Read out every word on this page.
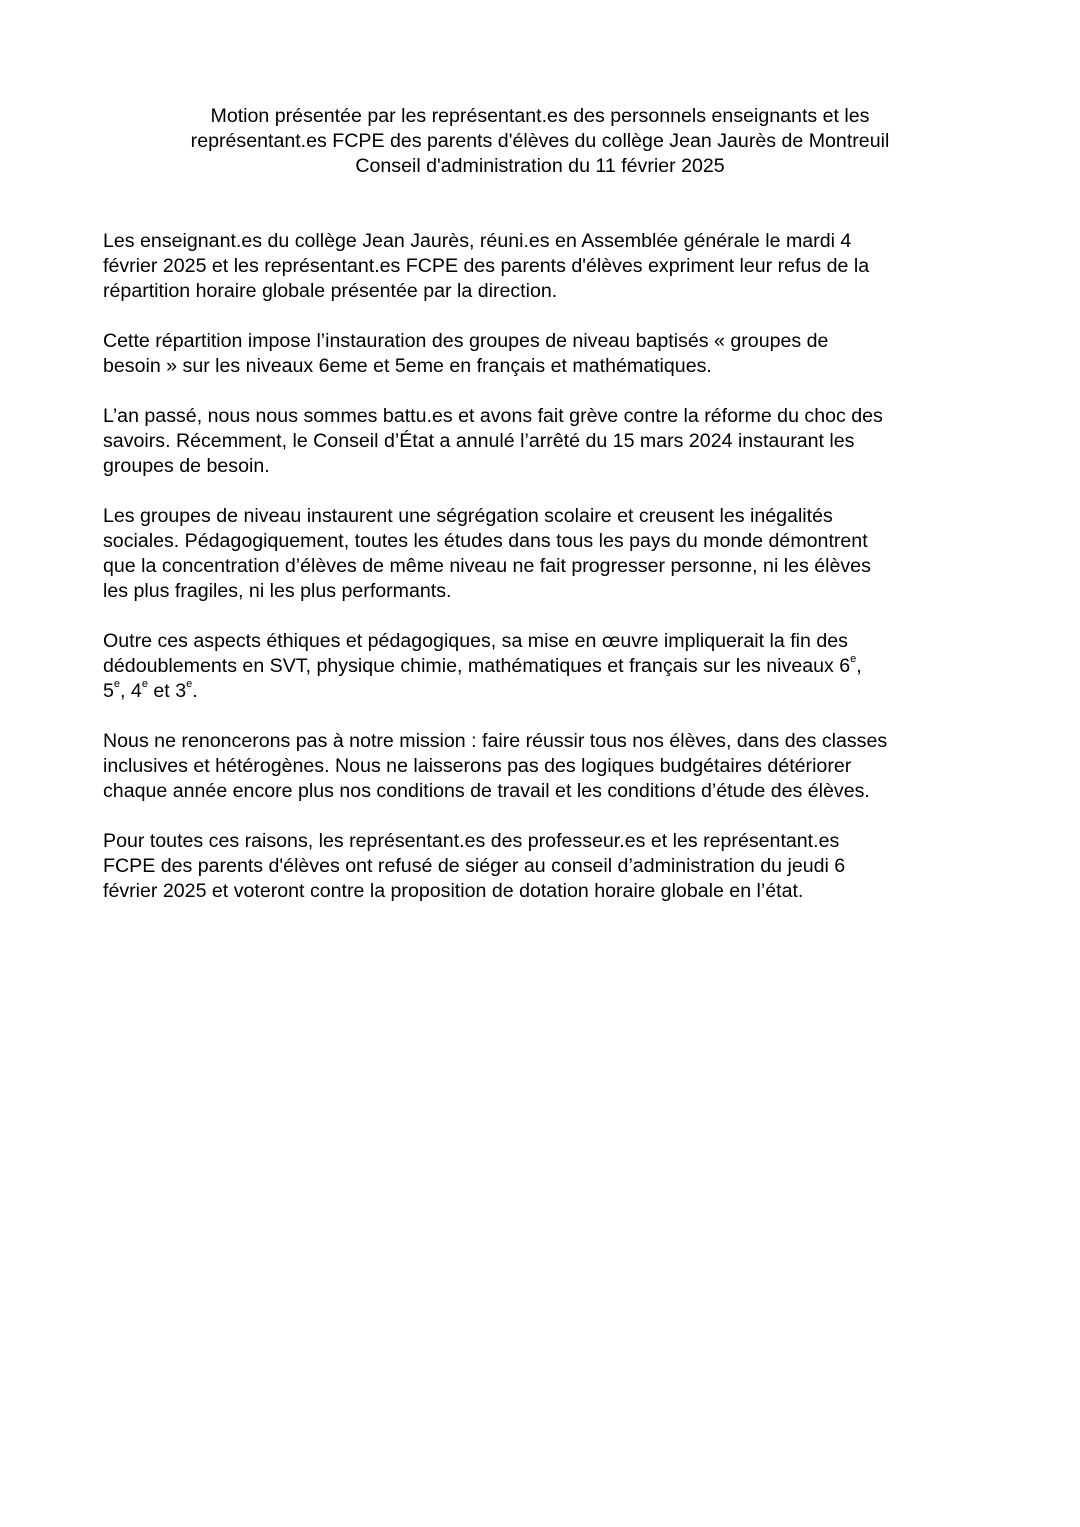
Motion présentée par les représentant.es des personnels enseignants et les
représentant.es FCPE des parents d'élèves du collège Jean Jaurès de Montreuil
Conseil d'administration du 11 février 2025
Les enseignant.es du collège Jean Jaurès, réuni.es en Assemblée générale le mardi 4
février 2025 et les représentant.es FCPE des parents d'élèves expriment leur refus de la
répartition horaire globale présentée par la direction.
Cette répartition impose l’instauration des groupes de niveau baptisés « groupes de
besoin » sur les niveaux 6eme et 5eme en français et mathématiques.
L’an passé, nous nous sommes battu.es et avons fait grève contre la réforme du choc des
savoirs. Récemment, le Conseil d’État a annulé l’arrêté du 15 mars 2024 instaurant les
groupes de besoin.
Les groupes de niveau instaurent une ségrégation scolaire et creusent les inégalités
sociales. Pédagogiquement, toutes les études dans tous les pays du monde démontrent
que la concentration d’élèves de même niveau ne fait progresser personne, ni les élèves
les plus fragiles, ni les plus performants.
Outre ces aspects éthiques et pédagogiques, sa mise en œuvre impliquerait la fin des
dédoublements en SVT, physique chimie, mathématiques et français sur les niveaux 6e,
5e, 4e et 3e.
Nous ne renoncerons pas à notre mission : faire réussir tous nos élèves, dans des classes
inclusives et hétérogènes. Nous ne laisserons pas des logiques budgétaires détériorer
chaque année encore plus nos conditions de travail et les conditions d’étude des élèves.
Pour toutes ces raisons, les représentant.es des professeur.es et les représentant.es
FCPE des parents d'élèves ont refusé de siéger au conseil d’administration du jeudi 6
février 2025 et voteront contre la proposition de dotation horaire globale en l’état.
